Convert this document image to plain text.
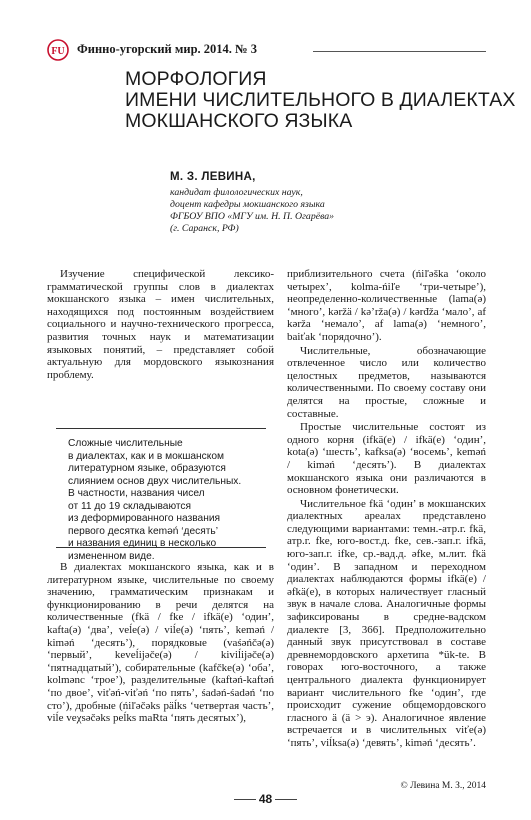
FU Финно-угорский мир. 2014. № 3
МОРФОЛОГИЯ
ИМЕНИ ЧИСЛИТЕЛЬНОГО В ДИАЛЕКТАХ
МОКШАНСКОГО ЯЗЫКА
М. З. ЛЕВИНА,
кандидат филологических наук,
доцент кафедры мокшанского языка
ФГБОУ ВПО «МГУ им. Н. П. Огарёва»
(г. Саранск, РФ)

Изучение специфической лексико-грамматической группы слов в диалектах мокшанского языка – имен числительных, находящихся под постоянным воздействием социального и научно-технического прогресса, развития точных наук и математизации языковых понятий, – представляет собой актуальную для мордовского языкознания проблему.

Сложные числительные
в диалектах, как и в мокшанском
литературном языке, образуются
слиянием основ двух числительных.
В частности, названия чисел
от 11 до 19 складываются
из деформированного названия
первого десятка keməń ‘десять’
и названия единиц в несколько
измененном виде.

В диалектах мокшанского языка, как и в литературном языке, числительные по своему значению, грамматическим признакам и функционированию в речи делятся на количественные (fkä / fke / ifkä(e) ‘один’, kafta(ə) ‘два’, veĺe(ə) / viĺe(ə) ‘пять’, keməń / kiməń ‘десять’), порядковые (vaśəńčə(ə) ‘первый’, keveĺijəče(ə) / kiviĺijəče(ə) ‘пятнадцатый’), собирательные (kafčke(ə) ‘оба’, kolmənc ‘трое’), разделительные (kaftəń-kaftəń ‘по двое’, viťəń-viťəń ‘по пять’, śadəń-śadəń ‘по сто’), дробные (ńiľəčəks päĺks ‘четвертая часть’, viĺe veχsəčəks peĺks maRta ‘пять десятых’),

приблизительного счета (ńiľəška ‘около четырех’, kolma-ńiľe ‘три-четыре’), неопределенно-количественные (lama(ə) ‘много’, kəržä / kə’rža(ə) / kərđža ‘мало’, af kərža ‘немало’, af lama(ə) ‘немного’, baiťak ‘порядочно’).

Числительные, обозначающие отвлеченное число или количество целостных предметов, называются количественными. По своему составу они делятся на простые, сложные и составные.

Простые числительные состоят из одного корня (ifkä(e) / ifkä(e) ‘один’, kota(ə) ‘шесть’, kafksa(ə) ‘восемь’, keməń / kiməń ‘десять’). В диалектах мокшанского языка они различаются в основном фонетически.

Числительное fkä ‘один’ в мокшанских диалектных ареалах представлено следующими вариантами: темн.-атр.г. fkä, атр.г. fke, юго-вост.д. fke, сев.-зап.г. ifkä, юго-зап.г. ifke, ср.-вад.д. əfke, м.лит. fkä ‘один’. В западном и переходном диалектах наблюдаются формы ifkä(e) / əfkä(e), в которых наличествует гласный звук в начале слова. Аналогичные формы зафиксированы в средне-вадском диалекте [3, 366]. Предположительно данный звук присутствовал в составе древнемордовского архетипа *ük-te. В говорах юго-восточного, а также центрального диалекта функционирует вариант числительного fke ‘один’, где происходит сужение общемордовского гласного ä (ä > э). Аналогичное явление встречается и в числительных viťe(ə) ‘пять’, viĺksa(ə) ‘девять’, kiməń ‘десять’.

© Левина М. З., 2014
48
